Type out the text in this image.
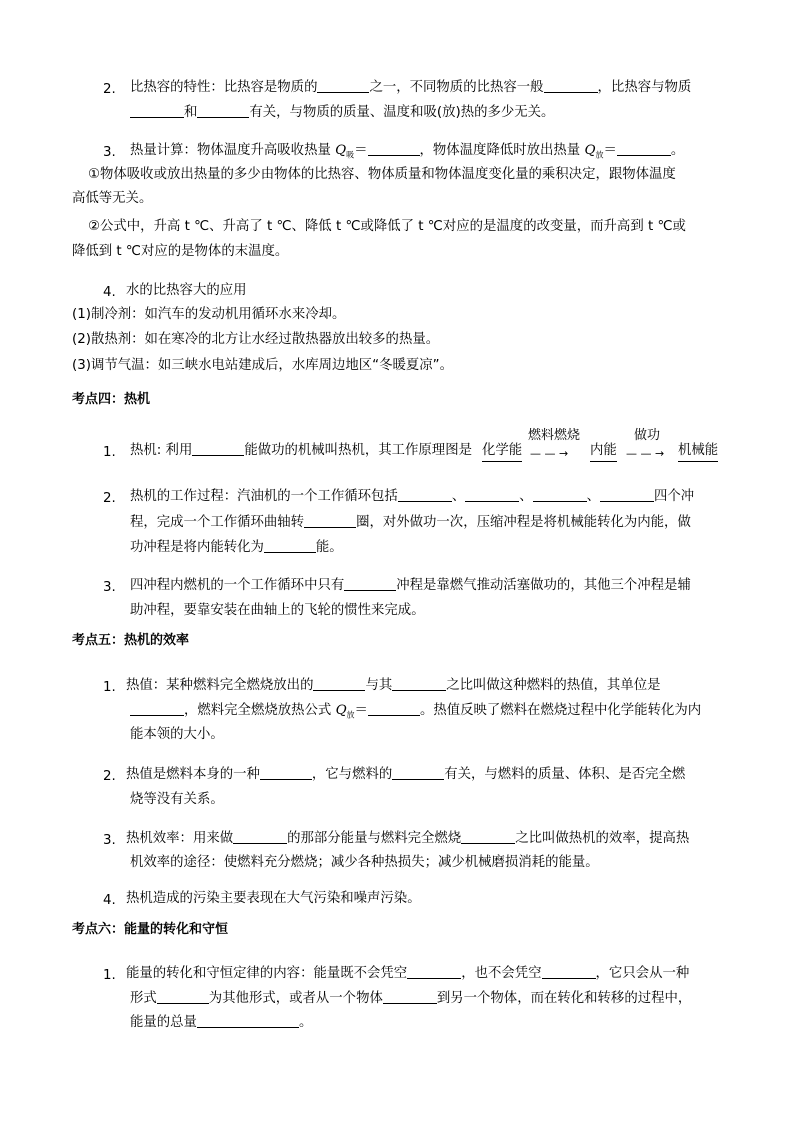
2. 比热容的特性：比热容是物质的	之一，不同物质的比热容一般	，比热容与物质
和	有关，与物质的质量、温度和吸(放)热的多少无关。
3. 热量计算：物体温度升高吸收热量 $Q_吸=$	，物体温度降低时放出热量 $Q_放=$	。
①物体吸收或放出热量的多少由物体的比热容、物体质量和物体温度变化量的乘积决定，跟物体温度
高低等无关。
②公式中，升高 t ℃、升高了 t ℃、降低 t ℃或降低了 t ℃对应的是温度的改变量，而升高到 t ℃或
降低到 t ℃对应的是物体的末温度。
4. 水的比热容大的应用
(1)制冷剂：如汽车的发动机用循环水来冷却。
(2)散热剂：如在寒冷的北方让水经过散热器放出较多的热量。
(3)调节气温：如三峡水电站建成后，水库周边地区“冬暖夏凉”。
考点四：热机
1. 热机: 利用	能做功的机械叫热机，其工作原理图是 化学能
燃料燃烧
— — → 内能
做功
— — → 机械能
2. 热机的工作过程：汽油机的一个工作循环包括	、	、	、	四个冲
程，完成一个工作循环曲轴转	圈，对外做功一次，压缩冲程是将机械能转化为内能，做
功冲程是将内能转化为	能。
3. 四冲程内燃机的一个工作循环中只有	冲程是靠燃气推动活塞做功的，其他三个冲程是辅
助冲程，要靠安装在曲轴上的飞轮的惯性来完成。
考点五：热机的效率
1. 热值：某种燃料完全燃烧放出的	与其	之比叫做这种燃料的热值，其单位是
，燃料完全燃烧放热公式 $Q_放=$	。热值反映了燃料在燃烧过程中化学能转化为内
能本领的大小。
2. 热值是燃料本身的一种	，它与燃料的	有关，与燃料的质量、体积、是否完全燃
烧等没有关系。
3. 热机效率：用来做	的那部分能量与燃料完全燃烧	之比叫做热机的效率，提高热
机效率的途径：使燃料充分燃烧；减少各种热损失；减少机械磨损消耗的能量。
4. 热机造成的污染主要表现在大气污染和噪声污染。
考点六：能量的转化和守恒
1. 能量的转化和守恒定律的内容：能量既不会凭空	，也不会凭空	，它只会从一种
形式	为其他形式，或者从一个物体	到另一个物体，而在转化和转移的过程中，
能量的总量	。
